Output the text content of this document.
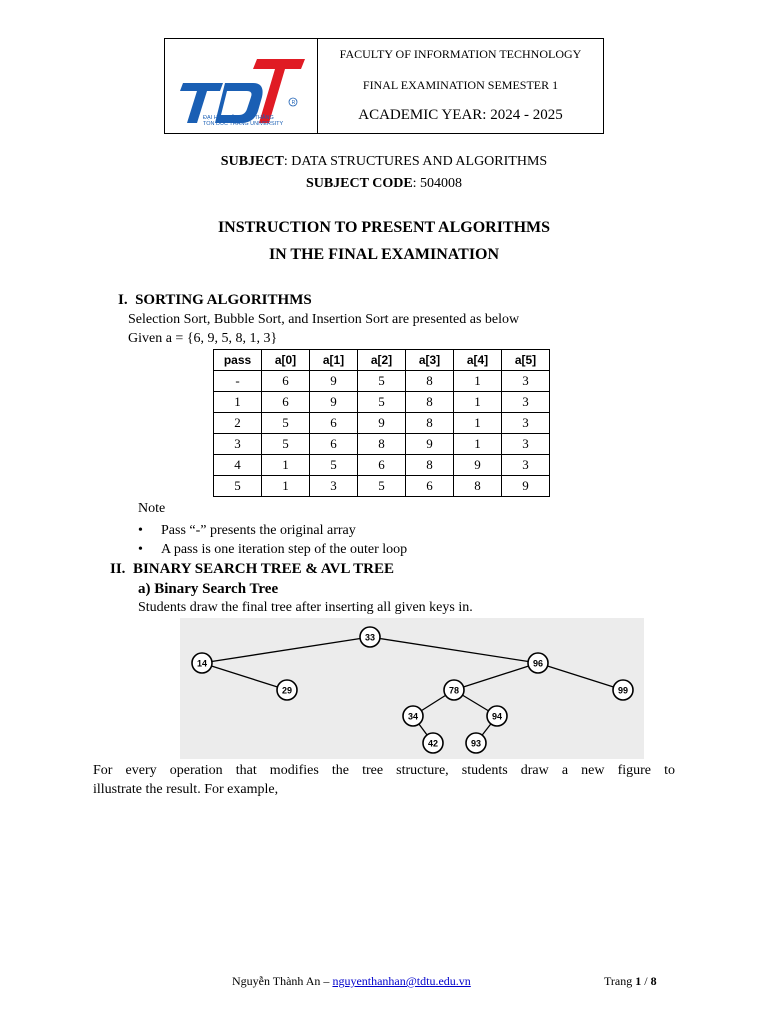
R
ĐẠI HỌC TÔN ĐỨC THẮNG
TON DUC THANG UNIVERSITY
FACULTY OF INFORMATION TECHNOLOGY
FINAL EXAMINATION SEMESTER 1
ACADEMIC YEAR: 2024 - 2025
SUBJECT: DATA STRUCTURES AND ALGORITHMS
SUBJECT CODE: 504008
INSTRUCTION TO PRESENT ALGORITHMS
IN THE FINAL EXAMINATION
I. SORTING ALGORITHMS
Selection Sort, Bubble Sort, and Insertion Sort are presented as below
Given a = {6, 9, 5, 8, 1, 3}
pass	a[0]	a[1]	a[2]	a[3]	a[4]	a[5]
-	6	9	5	8	1	3
1	6	9	5	8	1	3
2	5	6	9	8	1	3
3	5	6	8	9	1	3
4	1	5	6	8	9	3
5	1	3	5	6	8	9
Note
• Pass “-” presents the original array
• A pass is one iteration step of the outer loop
II. BINARY SEARCH TREE & AVL TREE
a) Binary Search Tree
Students draw the final tree after inserting all given keys in.
33
14
29
96
78	99
34	94
42	93
For every operation that modifies the tree structure, students draw a new figure to
illustrate the result. For example,
Nguyễn Thành An – nguyenthanhan@tdtu.edu.vn	Trang 1 / 8
